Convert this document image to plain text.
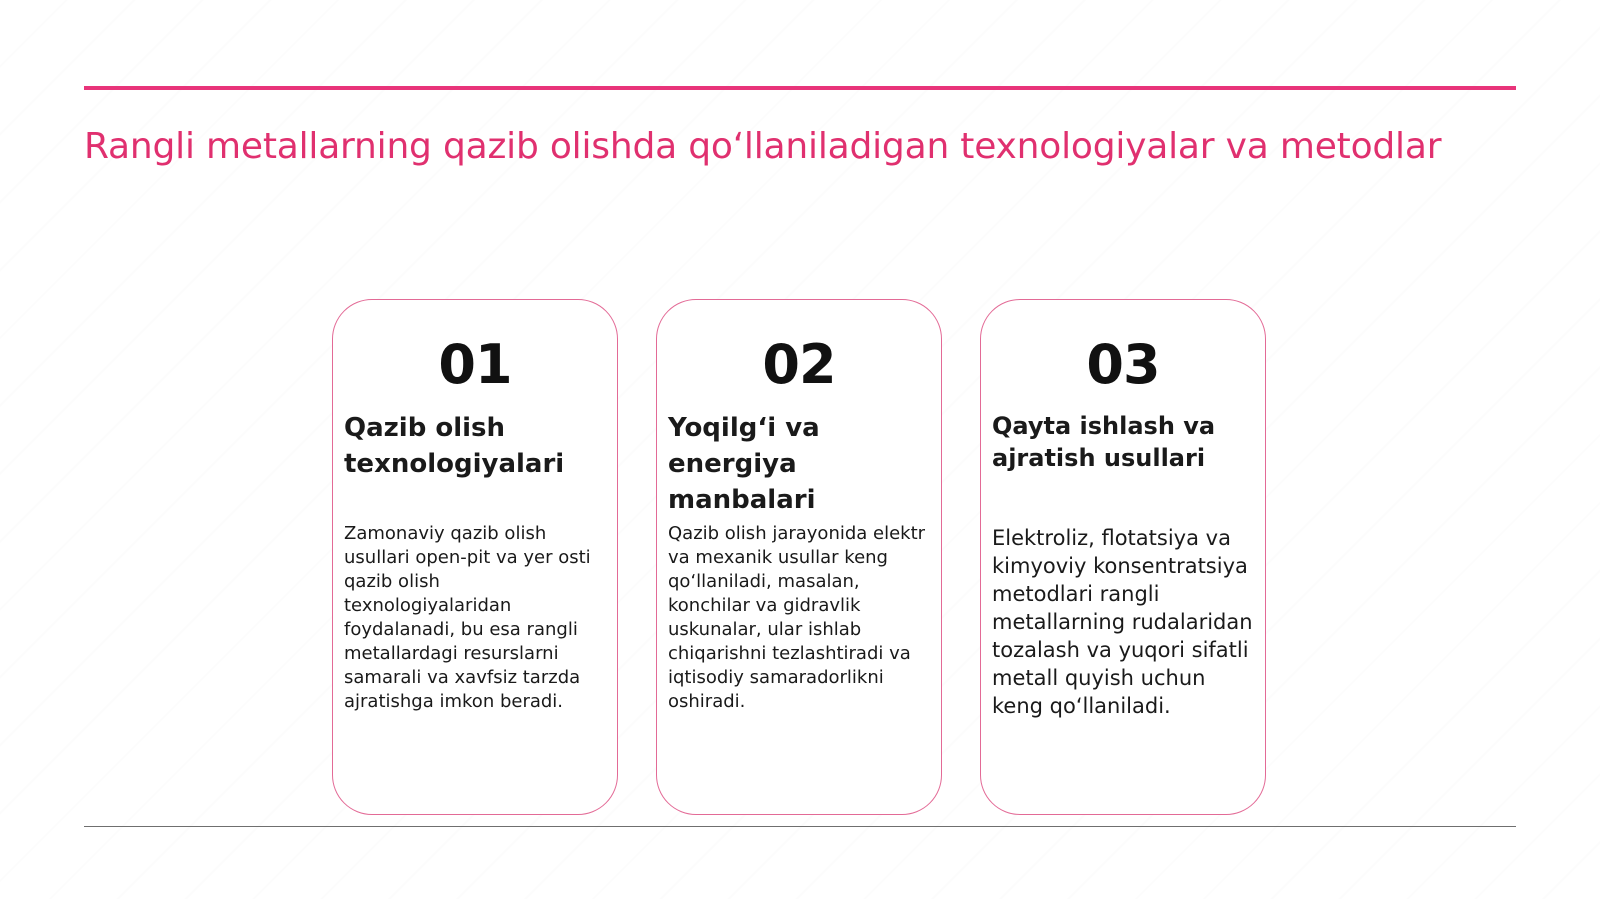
Rangli metallarning qazib olishda qo‘llaniladigan texnologiyalar va metodlar
01
Qazib olish texnologiyalari

Zamonaviy qazib olish usullari open-pit va yer osti qazib olish texnologiyalaridan foydalanadi, bu esa rangli metallardagi resurslarni samarali va xavfsiz tarzda ajratishga imkon beradi.

02
Yoqilg‘i va energiya manbalari

Qazib olish jarayonida elektr va mexanik usullar keng qo‘llaniladi, masalan, konchilar va gidravlik uskunalar, ular ishlab chiqarishni tezlashtiradi va iqtisodiy samaradorlikni oshiradi.

03
Qayta ishlash va ajratish usullari

Elektroliz, flotatsiya va kimyoviy konsentratsiya metodlari rangli metallarning rudalaridan tozalash va yuqori sifatli metall quyish uchun keng qo‘llaniladi.
